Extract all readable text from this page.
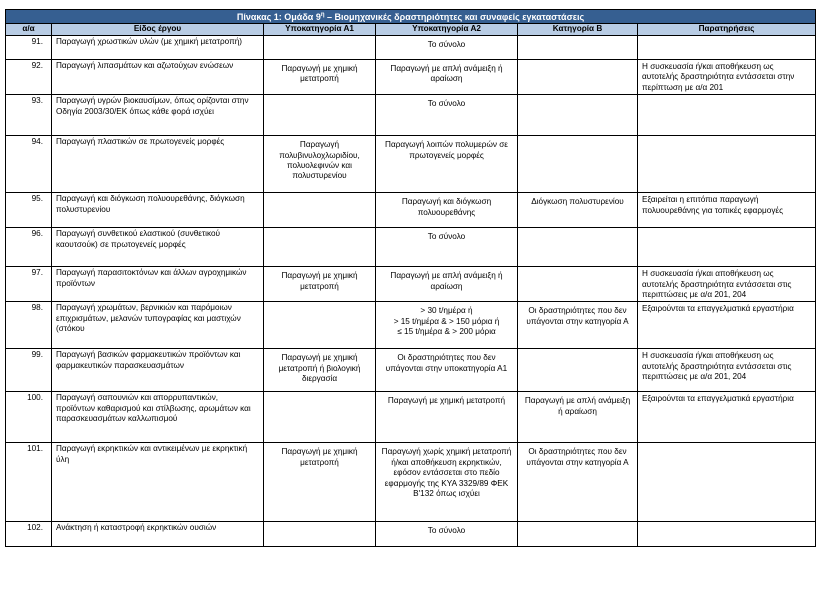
Πίνακας 1: Ομάδα $9^\eta$ – Βιομηχανικές δραστηριότητες και συναφείς εγκαταστάσεις					
α/α	Είδος έργου	Υποκατηγορία Α1	Υποκατηγορία Α2	Κατηγορία Β	Παρατηρήσεις
91.	Παραγωγή χρωστικών υλών (με χημική μετατροπή)		Το σύνολο		
92.	Παραγωγή λιπασμάτων και αζωτούχων ενώσεων	Παραγωγή με χημική μετατροπή	Παραγωγή με απλή ανάμειξη ή αραίωση		Η συσκευασία ή/και αποθήκευση ως αυτοτελής δραστηριότητα εντάσσεται στην περίπτωση με α/α 201
93.	Παραγωγή υγρών βιοκαυσίμων, όπως ορίζονται στην Οδηγία 2003/30/ΕΚ όπως κάθε φορά ισχύει		Το σύνολο		
94.	Παραγωγή πλαστικών σε πρωτογενείς μορφές	Παραγωγή πολυβινυλοχλωριδίου, πολυολεφινών και πολυστυρενίου	Παραγωγή λοιπών πολυμερών σε πρωτογενείς μορφές		
95.	Παραγωγή και διόγκωση πολυουρεθάνης, διόγκωση πολυστυρενίου		Παραγωγή και διόγκωση πολυουρεθάνης	Διόγκωση πολυστυρενίου	Εξαιρείται η επιτόπια παραγωγή πολυουρεθάνης για τοπικές εφαρμογές
96.	Παραγωγή συνθετικού ελαστικού (συνθετικού καουτσούκ) σε πρωτογενείς μορφές		Το σύνολο		
97.	Παραγωγή παρασιτοκτόνων και άλλων αγροχημικών προϊόντων	Παραγωγή με χημική μετατροπή	Παραγωγή με απλή ανάμειξη ή αραίωση		Η συσκευασία ή/και αποθήκευση ως αυτοτελής δραστηριότητα εντάσσεται στις περιπτώσεις με α/α 201, 204
98.	Παραγωγή χρωμάτων, βερνικιών και παρόμοιων επιχρισμάτων, μελανών τυπογραφίας και μαστιχών (στόκου		> 30 t/ημέρα ή
> 15 t/ημέρα & > 150 μόρια ή
≤ 15 t/ημέρα & > 200 μόρια	Οι δραστηριότητες που δεν υπάγονται στην κατηγορία Α	Εξαιρούνται τα επαγγελματικά εργαστήρια
99.	Παραγωγή βασικών φαρμακευτικών προϊόντων και φαρμακευτικών παρασκευασμάτων	Παραγωγή με χημική μετατροπή ή βιολογική διεργασία	Οι δραστηριότητες που δεν υπάγονται στην υποκατηγορία Α1		Η συσκευασία ή/και αποθήκευση ως αυτοτελής δραστηριότητα εντάσσεται στις περιπτώσεις με α/α 201, 204
100.	Παραγωγή σαπουνιών και απορρυπαντικών, προϊόντων καθαρισμού και στίλβωσης, αρωμάτων και παρασκευασμάτων καλλωπισμού		Παραγωγή με χημική μετατροπή	Παραγωγή με απλή ανάμειξη ή αραίωση	Εξαιρούνται τα επαγγελματικά εργαστήρια
101.	Παραγωγή εκρηκτικών και αντικειμένων με εκρηκτική ύλη	Παραγωγή με χημική μετατροπή	Παραγωγή χωρίς χημική μετατροπή ή/και αποθήκευση εκρηκτικών, εφόσον εντάσσεται στο πεδίο εφαρμογής της ΚΥΑ 3329/89 ΦΕΚ Β'132 όπως ισχύει	Οι δραστηριότητες που δεν υπάγονται στην κατηγορία Α	
102.	Ανάκτηση ή καταστροφή εκρηκτικών ουσιών		Το σύνολο		
